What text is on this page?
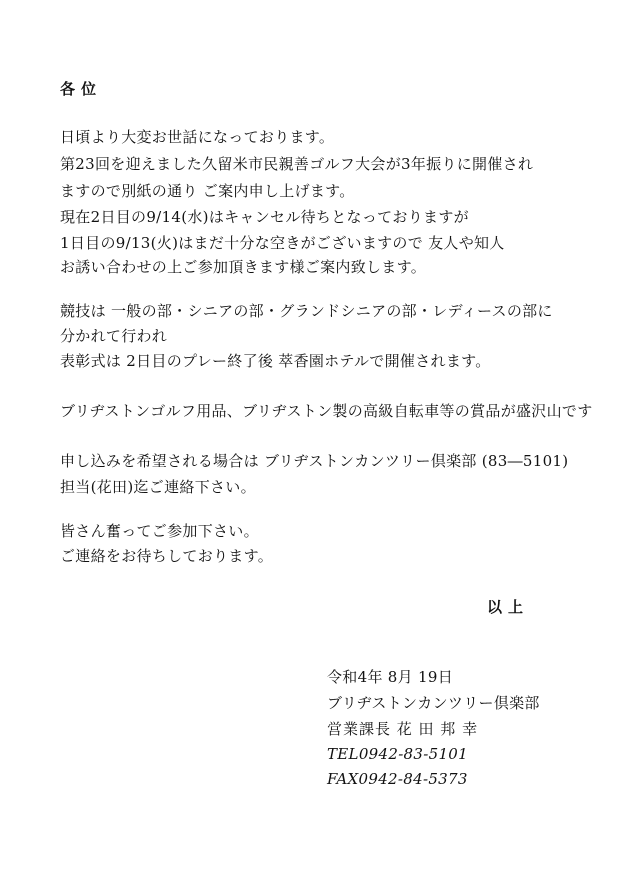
各位
日頃より大変お世話になっております。
第23回を迎えました久留米市民親善ゴルフ大会が3年振りに開催され
ますので別紙の通り ご案内申し上げます。
現在2日目の9/14(水)はキャンセル待ちとなっておりますが
1日目の9/13(火)はまだ十分な空きがございますので 友人や知人
お誘い合わせの上ご参加頂きます様ご案内致します。
競技は 一般の部・シニアの部・グランドシニアの部・レディースの部に
分かれて行われ
表彰式は 2日目のプレー終了後 萃香園ホテルで開催されます。
ブリヂストンゴルフ用品、ブリヂストン製の高級自転車等の賞品が盛沢山です
申し込みを希望される場合は ブリヂストンカンツリー倶楽部 (83―5101)
担当(花田)迄ご連絡下さい。
皆さん奮ってご参加下さい。
ご連絡をお待ちしております。
以上
令和4年 8月 19日
ブリヂストンカンツリー倶楽部
営業課長 花 田 邦 幸
TEL0942-83-5101
FAX0942-84-5373
